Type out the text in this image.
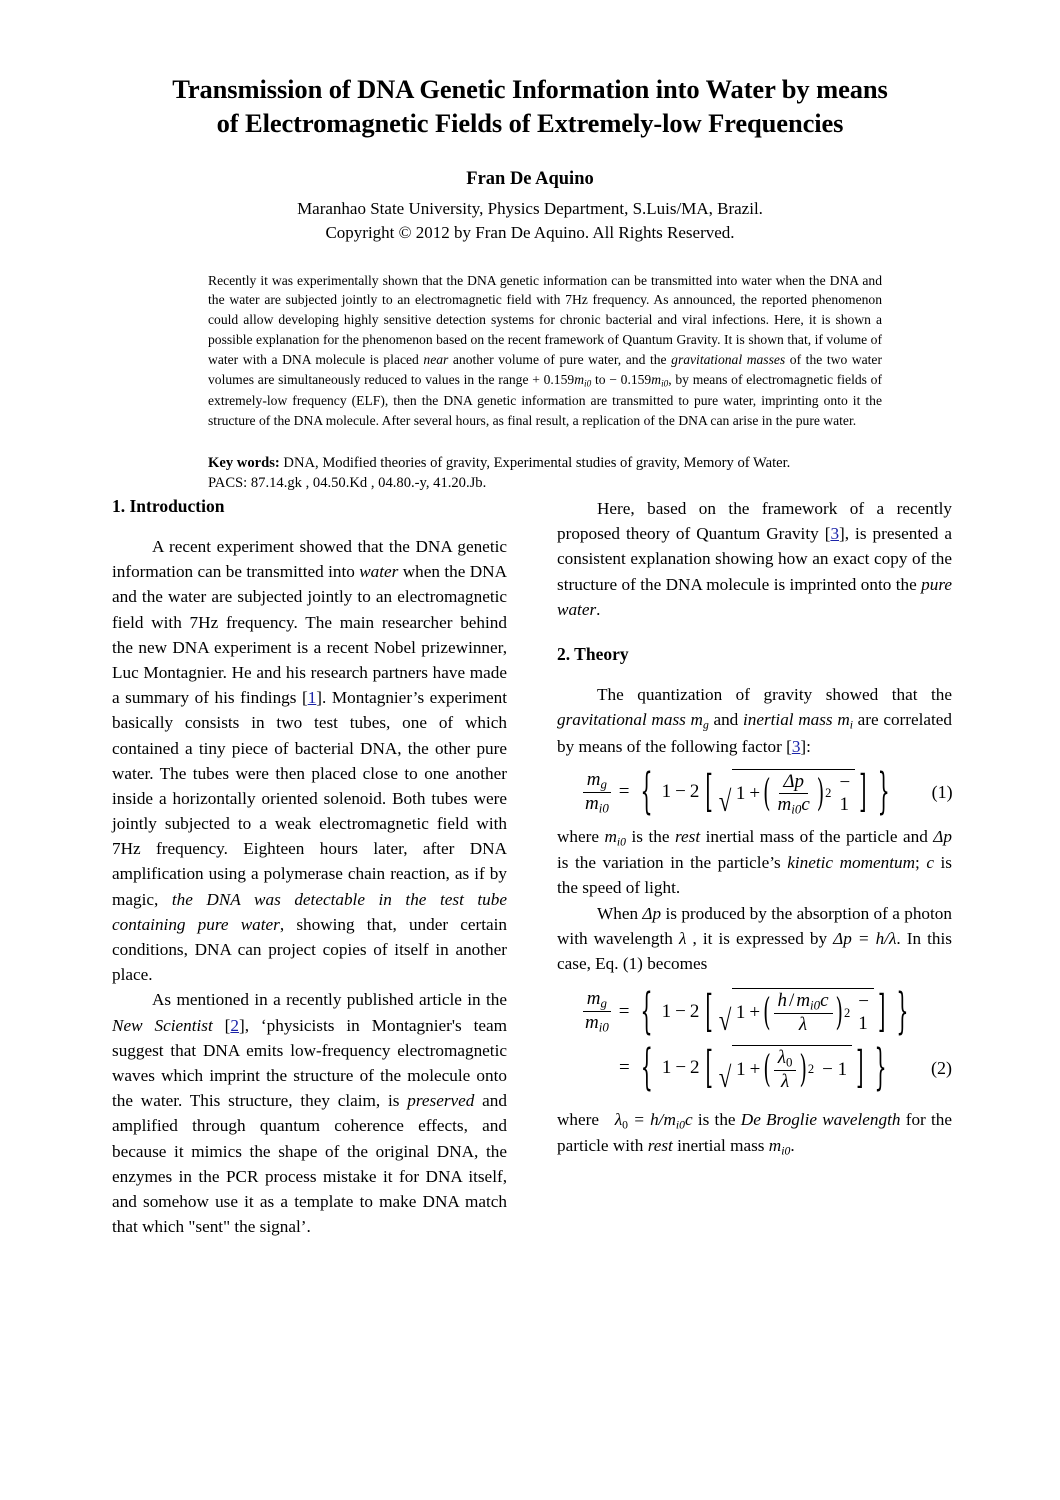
Transmission of DNA Genetic Information into Water by means
of Electromagnetic Fields of Extremely-low Frequencies
Fran De Aquino
Maranhao State University, Physics Department, S.Luis/MA, Brazil.
Copyright © 2012 by Fran De Aquino. All Rights Reserved.
Recently it was experimentally shown that the DNA genetic information can be transmitted into water when the DNA and the water are subjected jointly to an electromagnetic field with 7Hz frequency. As announced, the reported phenomenon could allow developing highly sensitive detection systems for chronic bacterial and viral infections. Here, it is shown a possible explanation for the phenomenon based on the recent framework of Quantum Gravity. It is shown that, if volume of water with a DNA molecule is placed near another volume of pure water, and the gravitational masses of the two water volumes are simultaneously reduced to values in the range + $0.159m_{i0}$ to − $0.159m_{i0}$, by means of electromagnetic fields of extremely-low frequency (ELF), then the DNA genetic information are transmitted to pure water, imprinting onto it the structure of the DNA molecule. After several hours, as final result, a replication of the DNA can arise in the pure water.
Key words: DNA, Modified theories of gravity, Experimental studies of gravity, Memory of Water.
PACS: 87.14.gk , 04.50.Kd , 04.80.-y, 41.20.Jb.
1. Introduction

A recent experiment showed that the DNA genetic information can be transmitted into water when the DNA and the water are subjected jointly to an electromagnetic field with 7Hz frequency. The main researcher behind the new DNA experiment is a recent Nobel prizewinner, Luc Montagnier. He and his research partners have made a summary of his findings [1]. Montagnier’s experiment basically consists in two test tubes, one of which contained a tiny piece of bacterial DNA, the other pure water. The tubes were then placed close to one another inside a horizontally oriented solenoid. Both tubes were jointly subjected to a weak electromagnetic field with 7Hz frequency. Eighteen hours later, after DNA amplification using a polymerase chain reaction, as if by magic, the DNA was detectable in the test tube containing pure water, showing that, under certain conditions, DNA can project copies of itself in another place.

As mentioned in a recently published article in the New Scientist [2], ‘physicists in Montagnier's team suggest that DNA emits low-frequency electromagnetic waves which imprint the structure of the molecule onto the water. This structure, they claim, is preserved and amplified through quantum coherence effects, and because it mimics the shape of the original DNA, the enzymes in the PCR process mistake it for DNA itself, and somehow use it as a template to make DNA match that which "sent" the signal’.

Here, based on the framework of a recently proposed theory of Quantum Gravity [3], is presented a consistent explanation showing how an exact copy of the structure of the DNA molecule is imprinted onto the pure water.

2. Theory

The quantization of gravity showed that the gravitational mass $m_g$ and inertial mass $m_i$ are correlated by means of the following factor [3]:

$\frac{m_g}{m_{i0}}$ = { 1 − 2 [ √ 1 + ( $\frac{\Delta p}{m_{i0}c}$ ) 2
− 1 ] }	(1)

where $m_{i0}$ is the rest inertial mass of the particle and Δp is the variation in the particle’s kinetic momentum; c is the speed of light.

When Δp is produced by the absorption of a photon with wavelength λ , it is expressed by Δp = h/λ. In this case, Eq. (1) becomes

$\frac{m_g}{m_{i0}}$ = { 1 − 2 [ √ 1 + ( $\frac{h / m_{i0}c}{\lambda}$ ) 2
− 1 ] }
= { 1 − 2 [ √ 1 + ( $\frac{\lambda_0}{\lambda}$ ) 2 − 1 ] }	(2)

where   $\lambda_0 = h/m_{i0}c$ is the De Broglie wavelength for the particle with rest inertial mass $m_{i0}$.
